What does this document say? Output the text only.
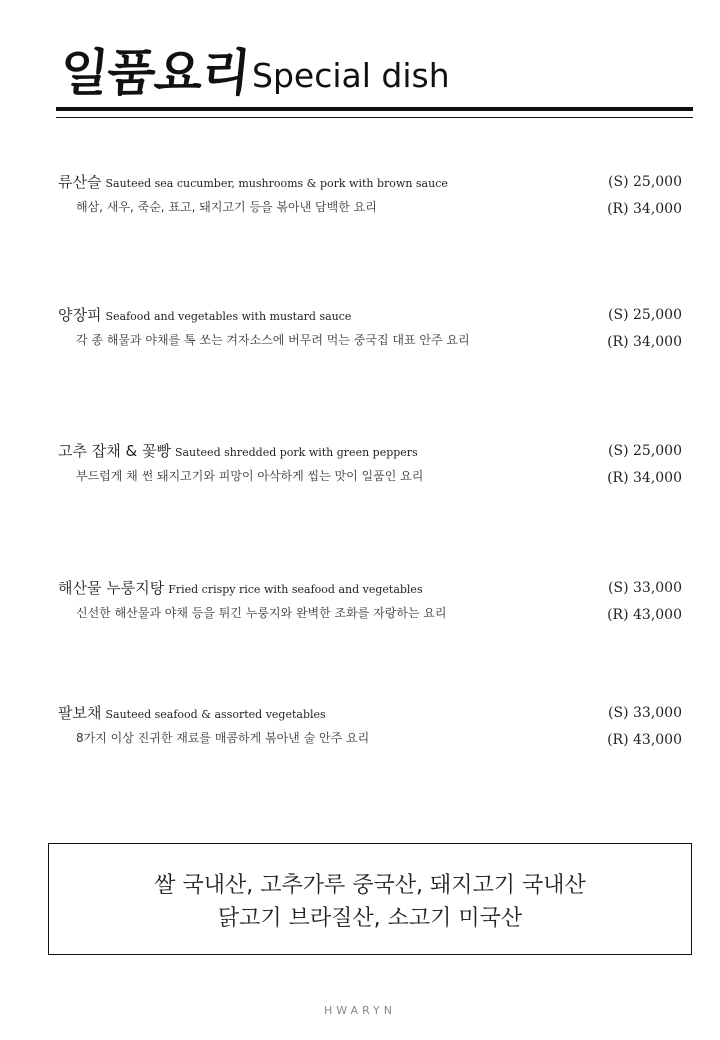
일품요리 Special dish
류산슬 Sauteed sea cucumber, mushrooms & pork with brown sauce
해삼, 새우, 죽순, 표고, 돼지고기 등을 볶아낸 담백한 요리
(S) 25,000
(R) 34,000
양장피 Seafood and vegetables with mustard sauce
각 종 해물과 야채를 톡 쏘는 겨자소스에 버무려 먹는 중국집 대표 안주 요리
(S) 25,000
(R) 34,000
고추 잡채 & 꽃빵 Sauteed shredded pork with green peppers
부드럽게 채 썬 돼지고기와 피망이 아삭하게 씹는 맛이 일품인 요리
(S) 25,000
(R) 34,000
해산물 누룽지탕 Fried crispy rice with seafood and vegetables
신선한 해산물과 야채 등을 튀긴 누룽지와 완벽한 조화를 자랑하는 요리
(S) 33,000
(R) 43,000
팔보채 Sauteed seafood & assorted vegetables
8가지 이상 진귀한 재료를 매콤하게 볶아낸 술 안주 요리
(S) 33,000
(R) 43,000
쌀 국내산, 고추가루 중국산, 돼지고기 국내산
닭고기 브라질산, 소고기 미국산
HWARYN
